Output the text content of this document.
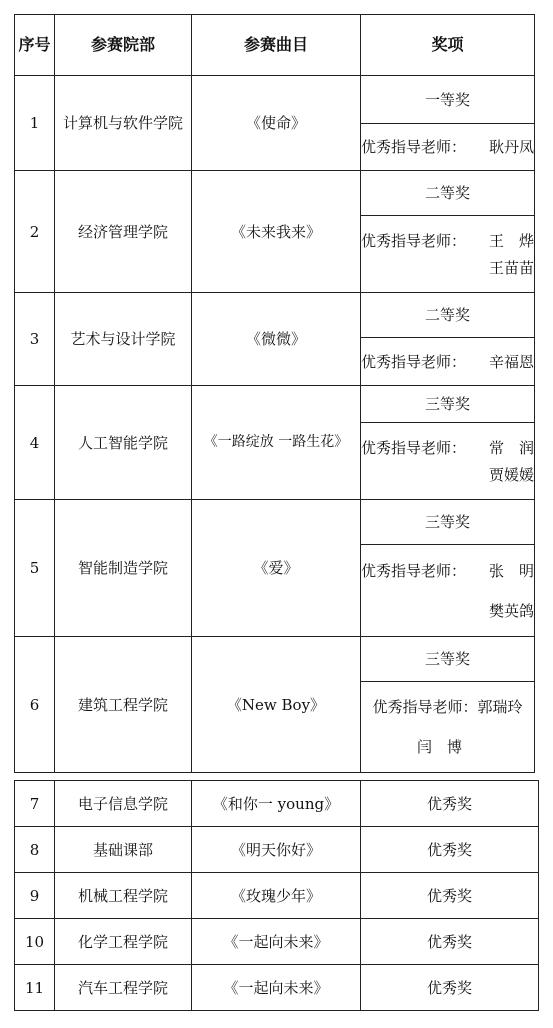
序号	参赛院部	参赛曲目	奖项
1	计算机与软件学院	《使命》	一等奖

			优秀指导老师： 耿丹凤

2	经济管理学院	《未来我来》	二等奖

			优秀指导老师： 王　烨
王苗苗

3	艺术与设计学院	《微微》	二等奖

			优秀指导老师： 辛福恩

4	人工智能学院	《一路绽放 一路生花》	三等奖

			优秀指导老师： 常　润
贾媛媛

5	智能制造学院	《爱》	三等奖

			优秀指导老师： 张　明
樊英鸽

6	建筑工程学院	《New Boy》	三等奖

			优秀指导老师： 郭瑞玲
闫　博
7	电子信息学院	《和你一 young》	优秀奖
8	基础课部	《明天你好》	优秀奖
9	机械工程学院	《玫瑰少年》	优秀奖
10	化学工程学院	《一起向未来》	优秀奖
11	汽车工程学院	《一起向未来》	优秀奖
